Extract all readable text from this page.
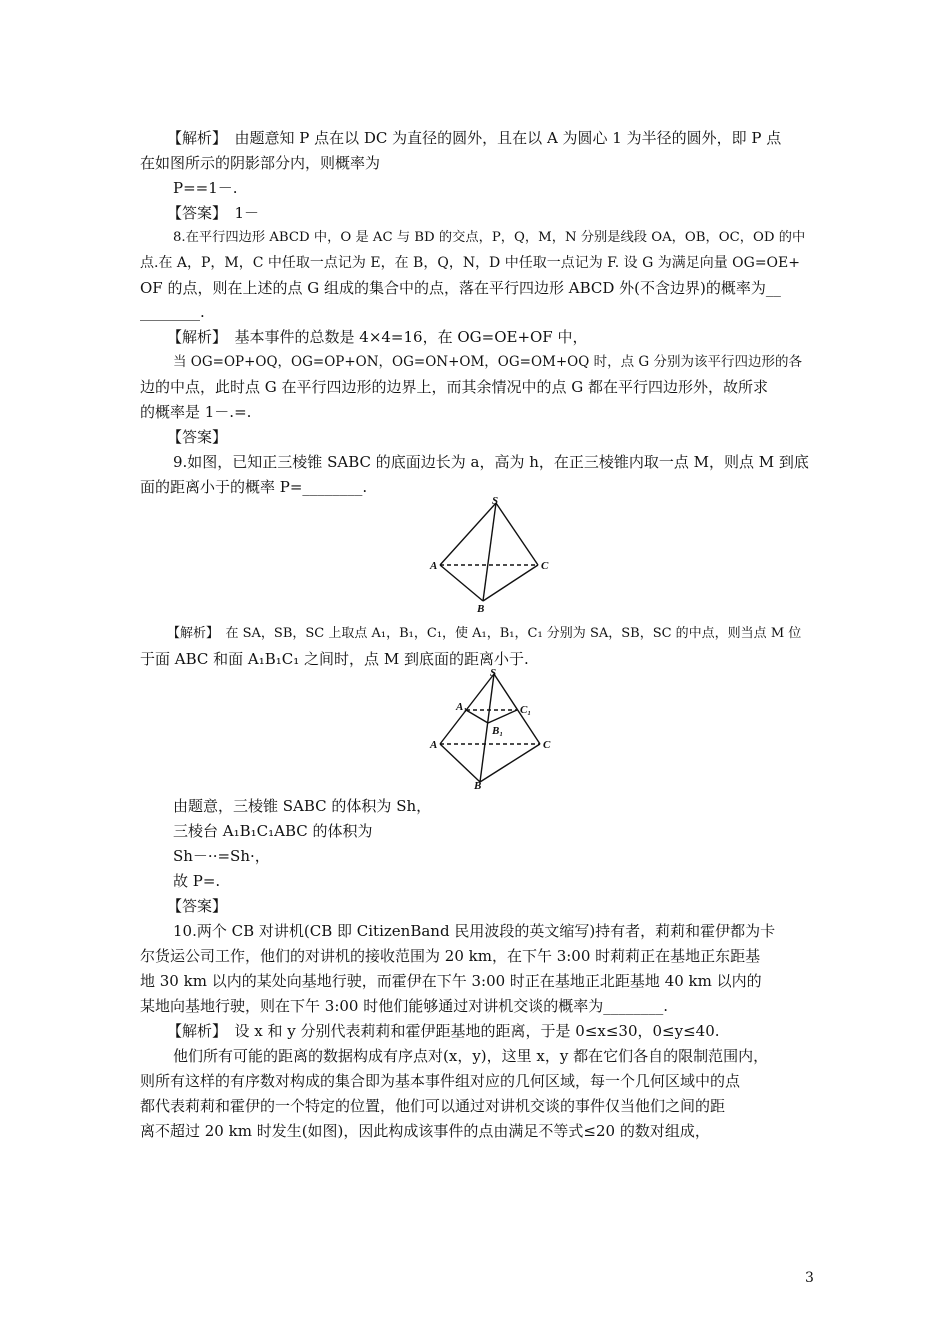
【解析】　由题意知 P 点在以 DC 为直径的圆外，且在以 A 为圆心 1 为半径的圆外，即 P 点
在如图所示的阴影部分内，则概率为
P==1－.
【答案】　1－
8.在平行四边形 ABCD 中，O 是 AC 与 BD 的交点，P，Q，M，N 分别是线段 OA，OB，OC，OD 的中
点.在 A，P，M，C 中任取一点记为 E，在 B，Q，N，D 中任取一点记为 F. 设 G 为满足向量 OG=OE+
OF 的点，则在上述的点 G 组成的集合中的点，落在平行四边形 ABCD 外(不含边界)的概率为__
________.
【解析】　基本事件的总数是 4×4=16，在 OG=OE+OF 中，
当 OG=OP+OQ，OG=OP+ON，OG=ON+OM，OG=OM+OQ 时，点 G 分别为该平行四边形的各
边的中点，此时点 G 在平行四边形的边界上，而其余情况中的点 G 都在平行四边形外，故所求
的概率是 1－.=.
【答案】
9.如图，已知正三棱锥 SABC 的底面边长为 a，高为 h，在正三棱锥内取一点 M，则点 M 到底
面的距离小于的概率 P=________.
S
A
B
C
【解析】　在 SA，SB，SC 上取点 A₁，B₁，C₁，使 A₁，B₁，C₁ 分别为 SA，SB，SC 的中点，则当点 M 位
于面 ABC 和面 A₁B₁C₁ 之间时，点 M 到底面的距离小于.
S
A₁
B₁
C₁
A
B
C
由题意，三棱锥 SABC 的体积为 Sh，
三棱台 A₁B₁C₁ABC 的体积为
Sh－··=Sh·，
故 P=.
【答案】
10.两个 CB 对讲机(CB 即 CitizenBand 民用波段的英文缩写)持有者，莉莉和霍伊都为卡
尔货运公司工作，他们的对讲机的接收范围为 20 km，在下午 3:00 时莉莉正在基地正东距基
地 30 km 以内的某处向基地行驶，而霍伊在下午 3:00 时正在基地正北距基地 40 km 以内的
某地向基地行驶，则在下午 3:00 时他们能够通过对讲机交谈的概率为________.
【解析】　设 x 和 y 分别代表莉莉和霍伊距基地的距离，于是 0≤x≤30，0≤y≤40.
他们所有可能的距离的数据构成有序点对(x，y)，这里 x，y 都在它们各自的限制范围内，
则所有这样的有序数对构成的集合即为基本事件组对应的几何区域，每一个几何区域中的点
都代表莉莉和霍伊的一个特定的位置，他们可以通过对讲机交谈的事件仅当他们之间的距
离不超过 20 km 时发生(如图)，因此构成该事件的点由满足不等式≤20 的数对组成，
3
